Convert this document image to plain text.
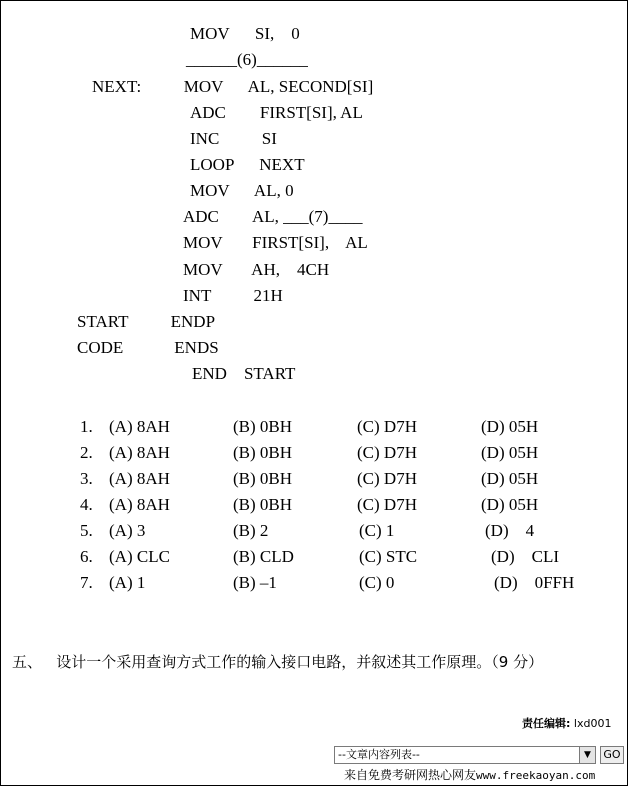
MOV      SI,    0
______(6)______
NEXT:          MOV      AL, SECOND[SI]
ADC        FIRST[SI], AL
INC          SI
LOOP      NEXT
MOV      AL, 0
ADC        AL, ___(7)____
MOV       FIRST[SI],    AL
MOV       AH,    4CH
INT          21H
START          ENDP
CODE            ENDS
END    START
1. (A) 8AH	(B) 0BH	(C) D7H	(D) 05H
2. (A) 8AH	(B) 0BH	(C) D7H	(D) 05H
3. (A) 8AH	(B) 0BH	(C) D7H	(D) 05H
4. (A) 8AH	(B) 0BH	(C) D7H	(D) 05H
5. (A) 3	(B) 2	(C) 1	(D)    4
6. (A) CLC	(B) CLD	(C) STC	(D)    CLI
7. (A) 1	(B) –1	(C) 0	(D)    0FFH
五、   设计一个采用查询方式工作的输入接口电路，并叙述其工作原理。（9 分）
责任编辑: lxd001
--文章内容列表--	▼	GO
来自免费考研网热心网友www.freekaoyan.com
